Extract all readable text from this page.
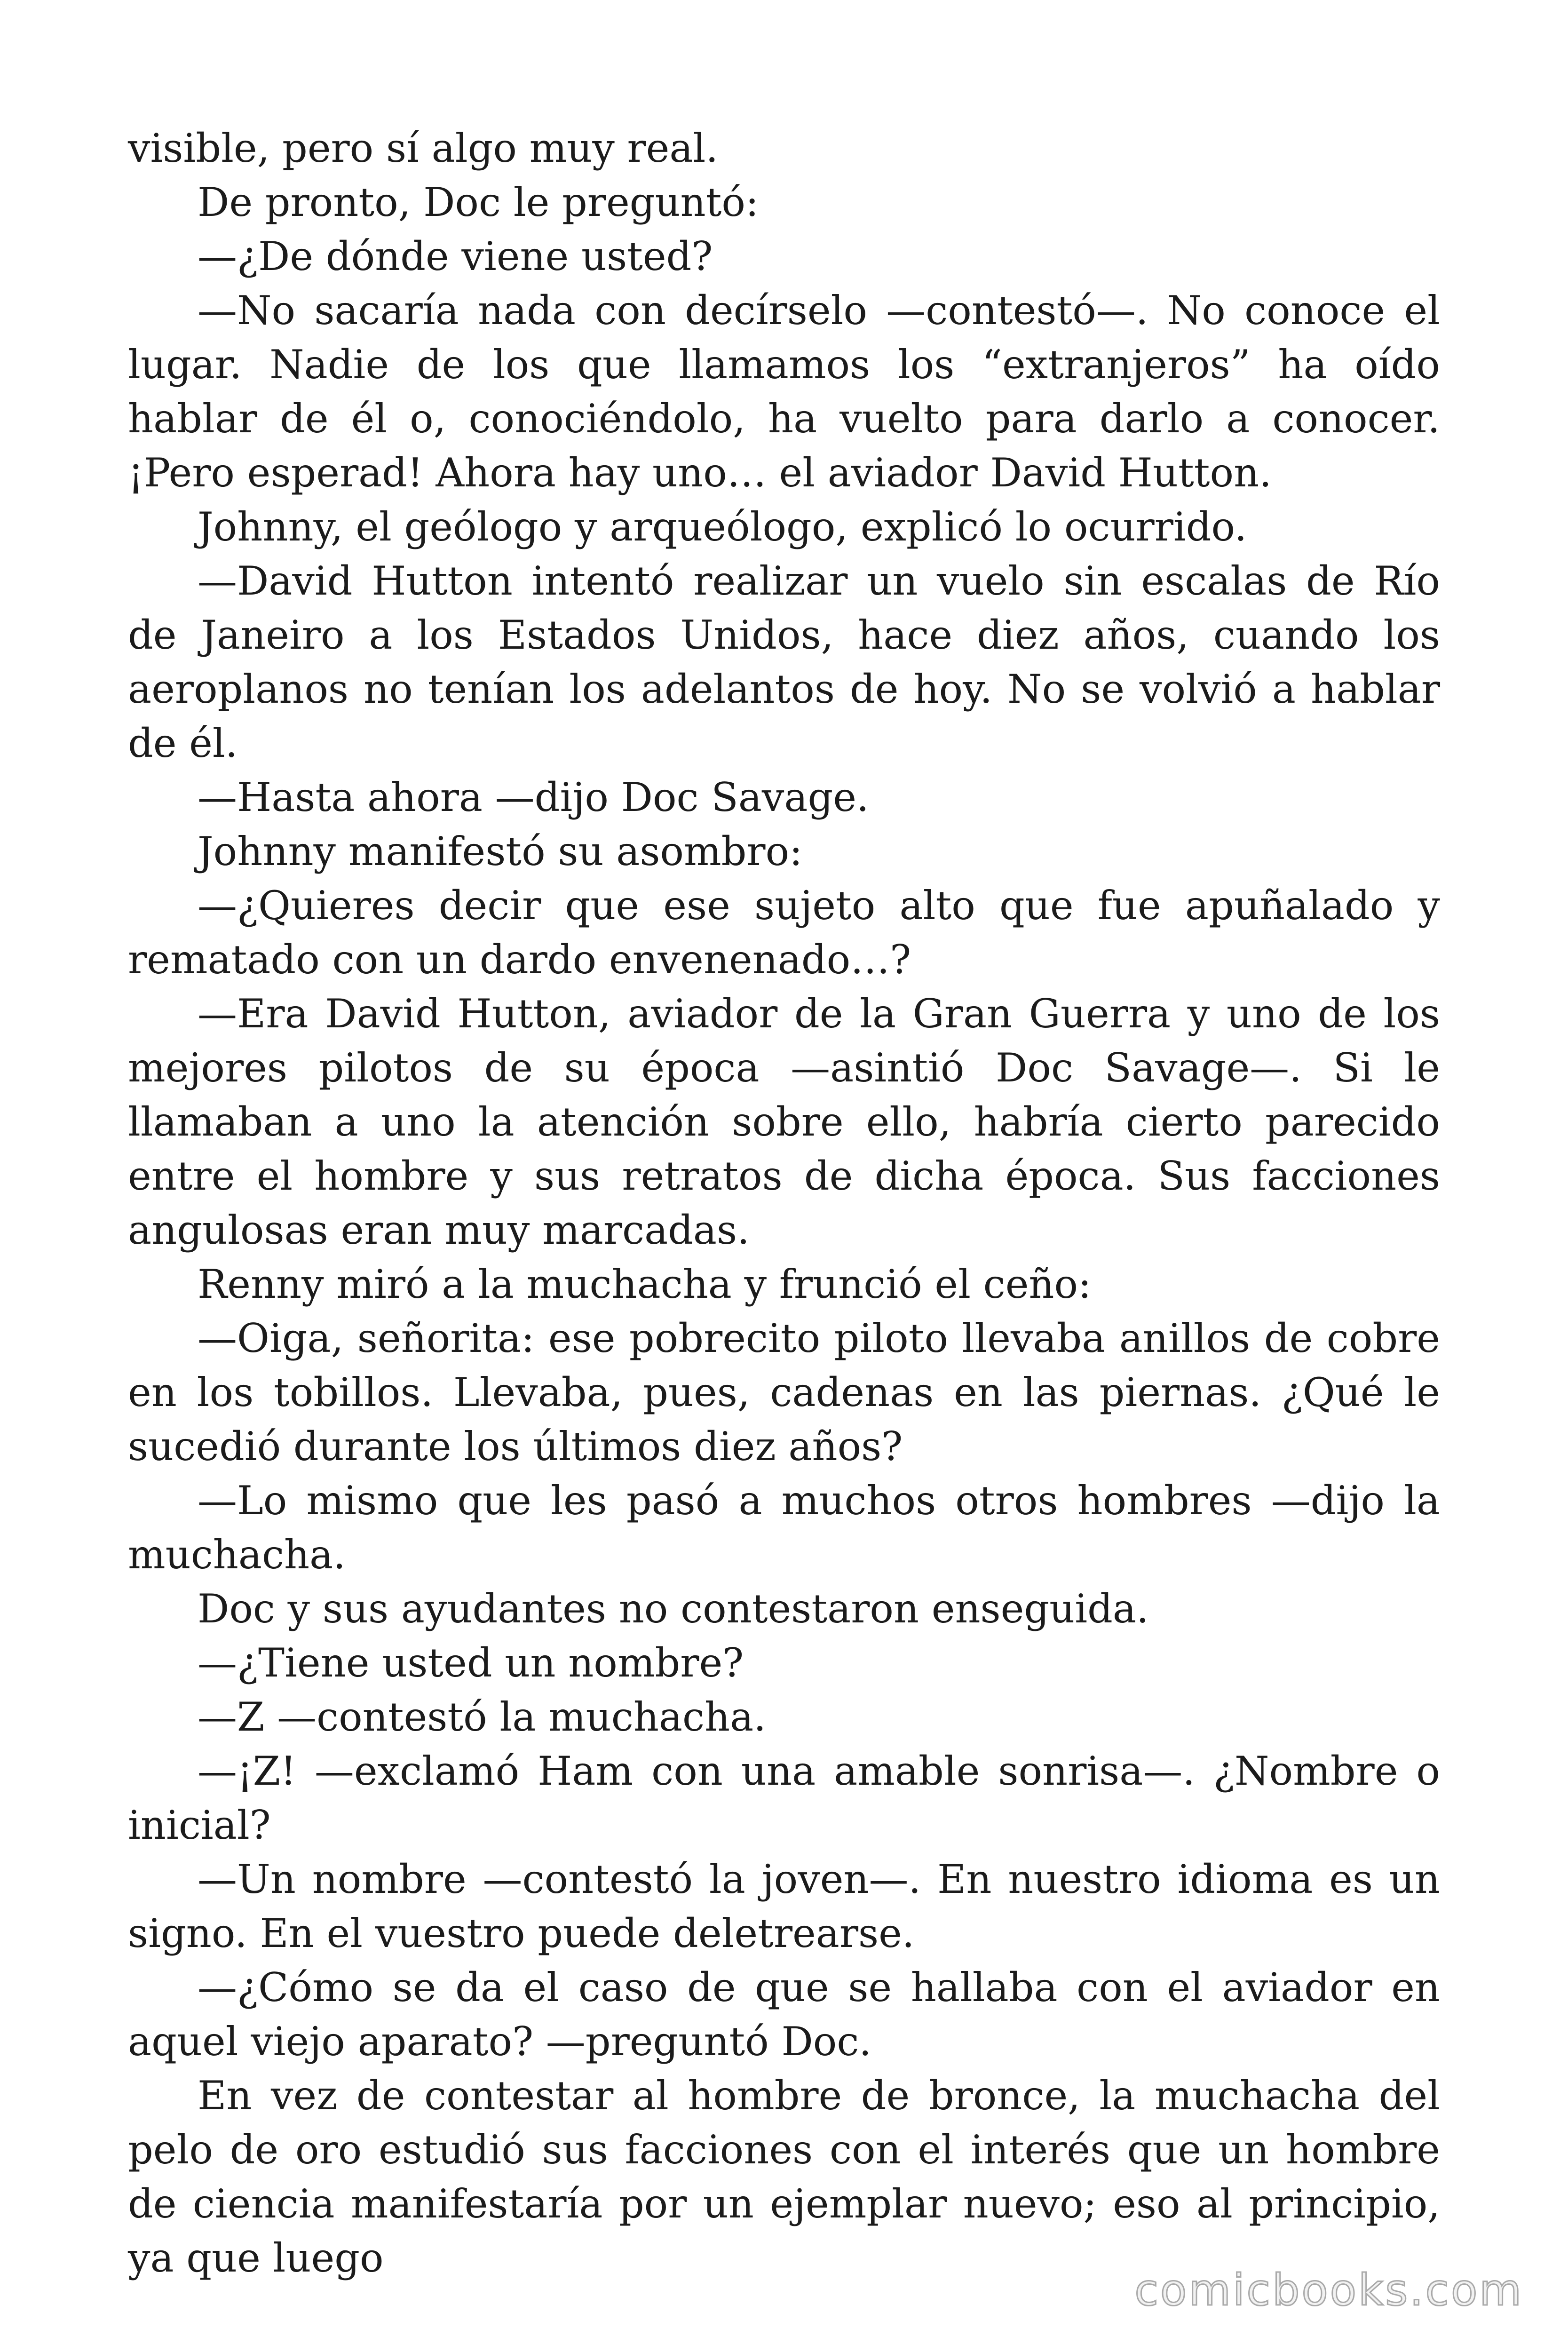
visible, pero sí algo muy real.

De pronto, Doc le preguntó:

—¿De dónde viene usted?

—No sacaría nada con decírselo —contestó—. No conoce el lugar. Nadie de los que llamamos los “extranjeros” ha oído hablar de él o, conociéndolo, ha vuelto para darlo a conocer. ¡Pero esperad! Ahora hay uno… el aviador David Hutton.

Johnny, el geólogo y arqueólogo, explicó lo ocurrido.

—David Hutton intentó realizar un vuelo sin escalas de Río de Janeiro a los Estados Unidos, hace diez años, cuando los aeroplanos no tenían los adelantos de hoy. No se volvió a hablar de él.

—Hasta ahora —dijo Doc Savage.

Johnny manifestó su asombro:

—¿Quieres decir que ese sujeto alto que fue apuñalado y rematado con un dardo envenenado…?

—Era David Hutton, aviador de la Gran Guerra y uno de los mejores pilotos de su época —asintió Doc Savage—. Si le llamaban a uno la atención sobre ello, habría cierto parecido entre el hombre y sus retratos de dicha época. Sus facciones angulosas eran muy marcadas.

Renny miró a la muchacha y frunció el ceño:

—Oiga, señorita: ese pobrecito piloto llevaba anillos de cobre en los tobillos. Llevaba, pues, cadenas en las piernas. ¿Qué le sucedió durante los últimos diez años?

—Lo mismo que les pasó a muchos otros hombres —dijo la muchacha.

Doc y sus ayudantes no contestaron enseguida.

—¿Tiene usted un nombre?

—Z —contestó la muchacha.

—¡Z! —exclamó Ham con una amable sonrisa—. ¿Nombre o inicial?

—Un nombre —contestó la joven—. En nuestro idioma es un signo. En el vuestro puede deletrearse.

—¿Cómo se da el caso de que se hallaba con el aviador en aquel viejo aparato? —preguntó Doc.

En vez de contestar al hombre de bronce, la muchacha del pelo de oro estudió sus facciones con el interés que un hombre de ciencia manifestaría por un ejemplar nuevo; eso al principio, ya que luego

comicbooks.com
